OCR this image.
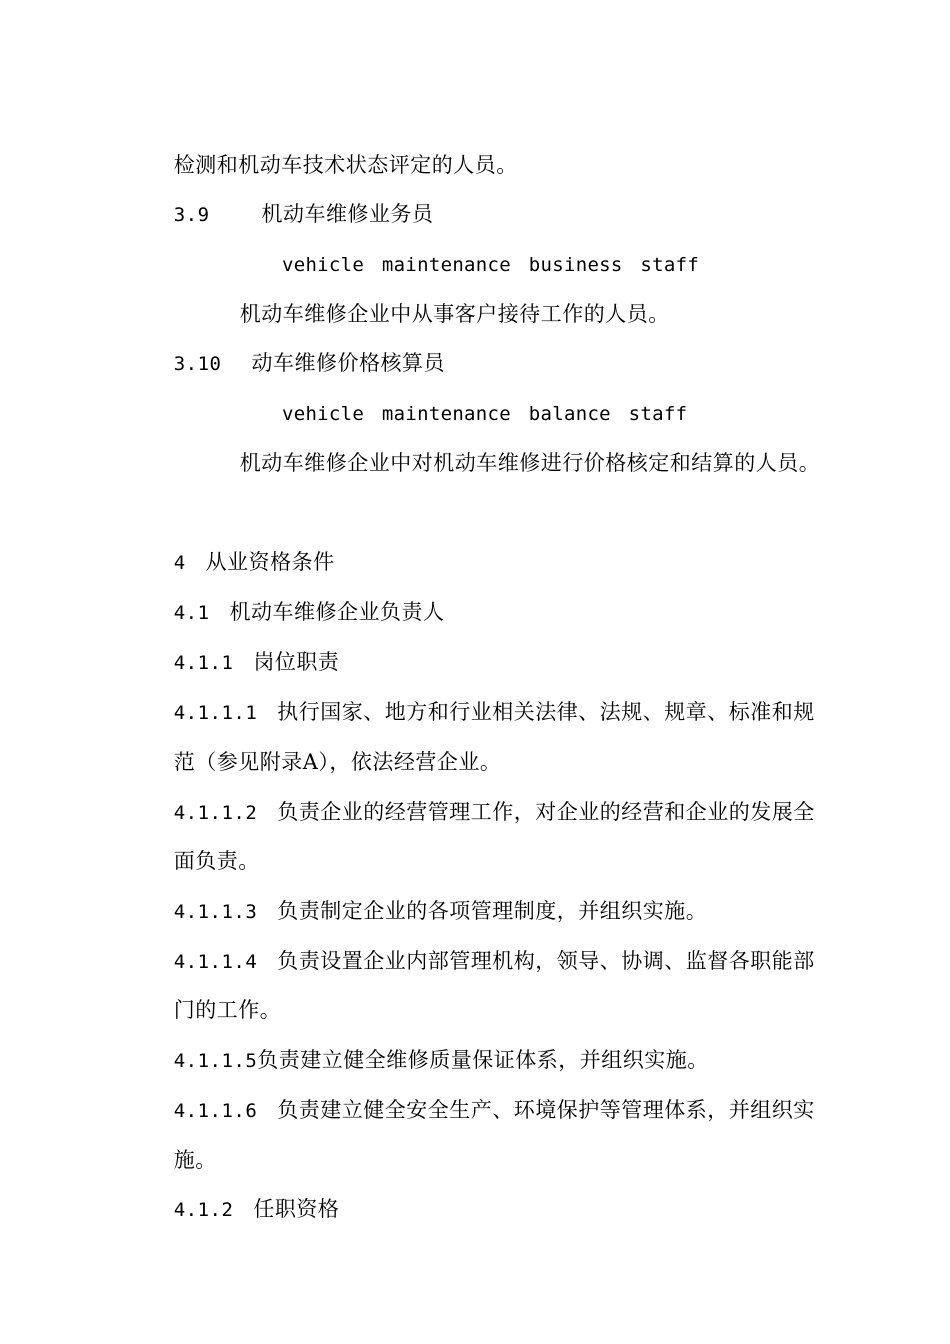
检测和机动车技术状态评定的人员。

3.9 机动车维修业务员

vehicle maintenance business staff

机动车维修企业中从事客户接待工作的人员。

3.10 动车维修价格核算员

vehicle maintenance balance staff

机动车维修企业中对机动车维修进行价格核定和结算的人员。

4 从业资格条件

4.1 机动车维修企业负责人

4.1.1 岗位职责

4.1.1.1 执行国家、地方和行业相关法律、法规、规章、标准和规

范（参见附录A），依法经营企业。

4.1.1.2 负责企业的经营管理工作，对企业的经营和企业的发展全

面负责。

4.1.1.3 负责制定企业的各项管理制度，并组织实施。

4.1.1.4 负责设置企业内部管理机构，领导、协调、监督各职能部

门的工作。

4.1.1.5负责建立健全维修质量保证体系，并组织实施。

4.1.1.6 负责建立健全安全生产、环境保护等管理体系，并组织实

施。

4.1.2 任职资格
